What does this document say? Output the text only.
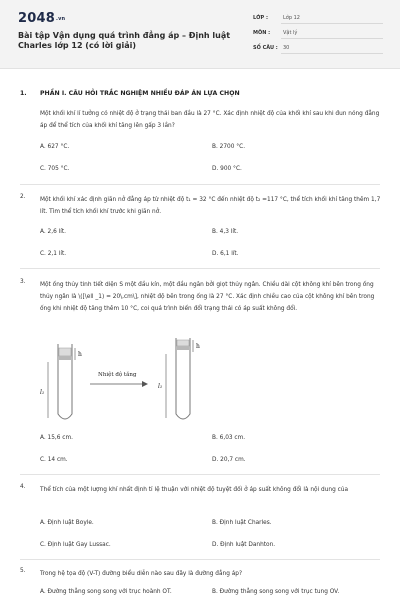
2048.vn
Bài tập Vận dụng quá trình đẳng áp – Định luật Charles lớp 12 (có lời giải)
LỚP :	Lớp 12
MÔN :	Vật lý
SỐ CÂU : 30
1. PHẦN I. CÂU HỎI TRẮC NGHIỆM NHIỀU ĐÁP ÁN LỰA CHỌN
Một khối khí lí tưởng có nhiệt độ ở trạng thái ban đầu là 27 °C. Xác định nhiệt độ của khối khí sau khi đun nóng đẳng áp để thể tích của khối khí tăng lên gấp 3 lần?
A. 627 °C.	B. 2700 °C.
C. 705 °C.	D. 900 °C.
2. Một khối khí xác định giãn nở đẳng áp từ nhiệt độ t₁ = 32 °C đến nhiệt độ t₂ =117 °C, thể tích khối khí tăng thêm 1,7 lít. Tìm thể tích khối khí trước khi giãn nở.
A. 2,6 lít.	B. 4,3 lít.
C. 2,1 lít.	D. 6,1 lít.
3. Một ống thủy tinh tiết diện S một đầu kín, một đầu ngăn bởi giọt thủy ngân. Chiều dài cột không khí bên trong ống thủy ngân là \([\ell _1) = 20\,cm\], nhiệt độ bên trong ống là 27 °C. Xác định chiều cao của cột không khí bên trong ống khi nhiệt độ tăng thêm 10 °C, coi quá trình biến đổi trạng thái có áp suất không đổi.
h
l₁
Nhiệt độ tăng
h
l₁
A. 15,6 cm.	B. 6,03 cm.
C. 14 cm.	D. 20,7 cm.
4. Thể tích của một lượng khí nhất định tỉ lệ thuận với nhiệt độ tuyệt đối ở áp suất không đổi là nội dung của
A. Định luật Boyle.	B. Định luật Charles.
C. Định luật Gay Lussac.	D. Định luật Danhton.
5. Trong hệ tọa độ (V-T) đường biểu diễn nào sau đây là đường đẳng áp?
A. Đường thẳng song song với trục hoành OT.	B. Đường thẳng song song với trục tung OV.
